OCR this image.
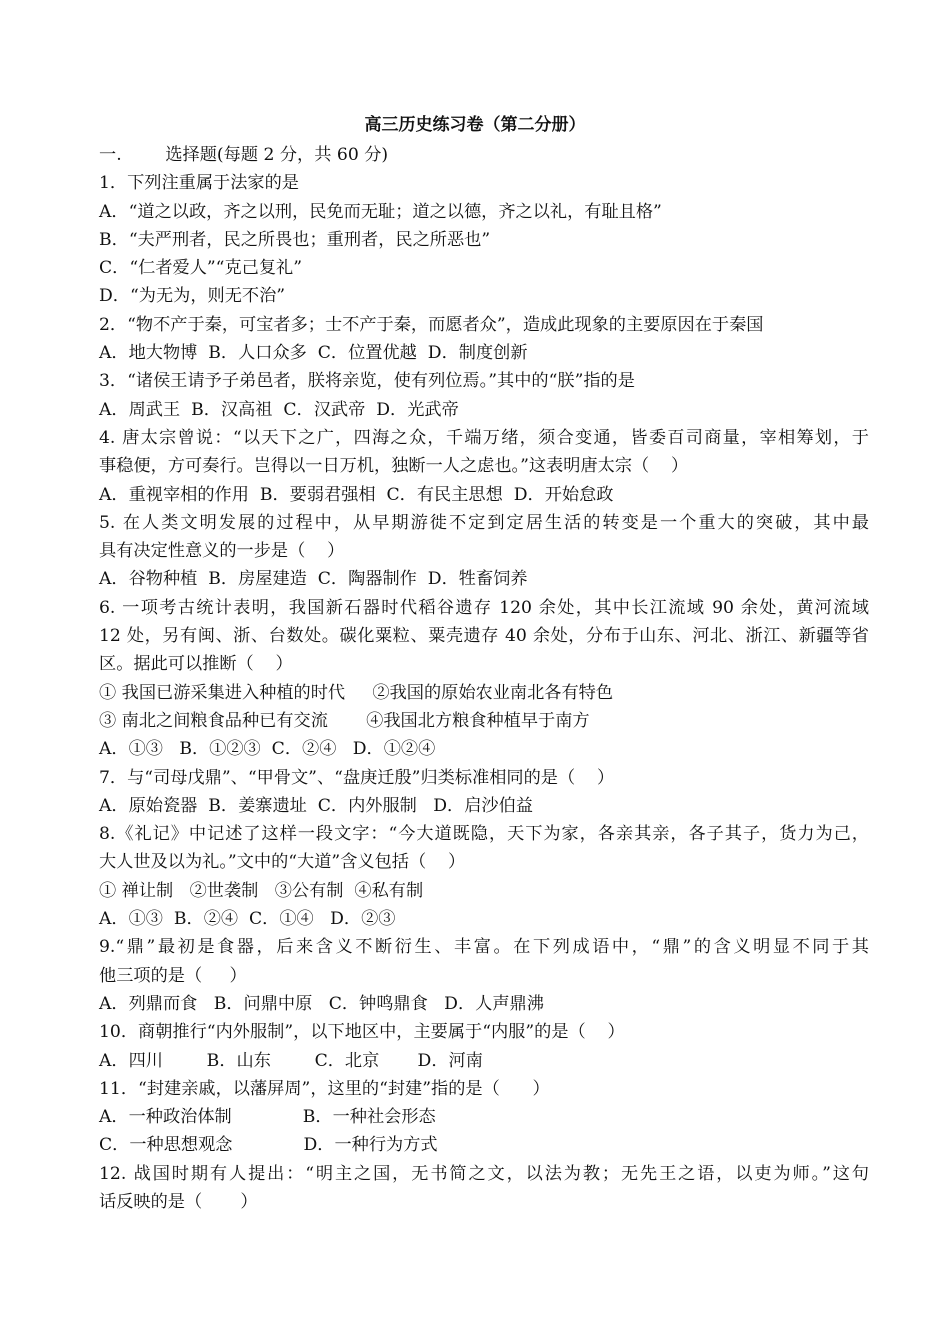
高三历史练习卷（第二分册）
一.        选择题(每题 2 分，共 60 分)
1．下列注重属于法家的是
A．“道之以政，齐之以刑，民免而无耻；道之以德，齐之以礼，有耻且格”
B．“夫严刑者，民之所畏也；重刑者，民之所恶也”
C．“仁者爱人”“克己复礼”
D．“为无为，则无不治”
2．“物不产于秦，可宝者多；士不产于秦，而愿者众”，造成此现象的主要原因在于秦国
A．地大物博  B．人口众多  C．位置优越  D．制度创新
3．“诸侯王请予子弟邑者，朕将亲览，使有列位焉。”其中的“朕”指的是
A．周武王  B．汉高祖  C．汉武帝  D．光武帝
4. 唐太宗曾说：“以天下之广，四海之众，千端万绪，须合变通，皆委百司商量，宰相筹划，于
事稳便，方可奏行。岂得以一日万机，独断一人之虑也。”这表明唐太宗（    ）
A．重视宰相的作用  B．要弱君强相  C．有民主思想  D．开始怠政
5. 在人类文明发展的过程中，从早期游徙不定到定居生活的转变是一个重大的突破，其中最
具有决定性意义的一步是（    ）
A．谷物种植  B．房屋建造  C．陶器制作  D．牲畜饲养
6. 一项考古统计表明，我国新石器时代稻谷遗存 120 余处，其中长江流域 90 余处，黄河流域
12 处，另有闽、浙、台数处。碳化粟粒、粟壳遗存 40 余处，分布于山东、河北、浙江、新疆等省
区。据此可以推断（    ）
① 我国已游采集进入种植的时代     ②我国的原始农业南北各有特色
③ 南北之间粮食品种已有交流       ④我国北方粮食种植早于南方
A．①③   B．①②③  C．②④   D．①②④
7．与“司母戊鼎”、“甲骨文”、“盘庚迁殷”归类标准相同的是（    ）
A．原始瓷器  B．姜寨遗址  C．内外服制   D．启沙伯益
8.《礼记》中记述了这样一段文字：“今大道既隐，天下为家，各亲其亲，各子其子，货力为己，
大人世及以为礼。”文中的“大道”含义包括（    ）
① 禅让制   ②世袭制   ③公有制  ④私有制
A．①③  B．②④  C．①④   D．②③
9.“鼎”最初是食器，后来含义不断衍生、丰富。在下列成语中，“鼎”的含义明显不同于其
他三项的是（     ）
A．列鼎而食   B．问鼎中原   C．钟鸣鼎食   D．人声鼎沸
10．商朝推行“内外服制”，以下地区中，主要属于“内服”的是（    ）
A．四川        B．山东        C．北京       D．河南
11．“封建亲戚，以藩屏周”，这里的“封建”指的是（      ）
A．一种政治体制             B．一种社会形态
C．一种思想观念             D．一种行为方式
12. 战国时期有人提出：“明主之国，无书简之文，以法为教；无先王之语，以吏为师。”这句
话反映的是（       ）
